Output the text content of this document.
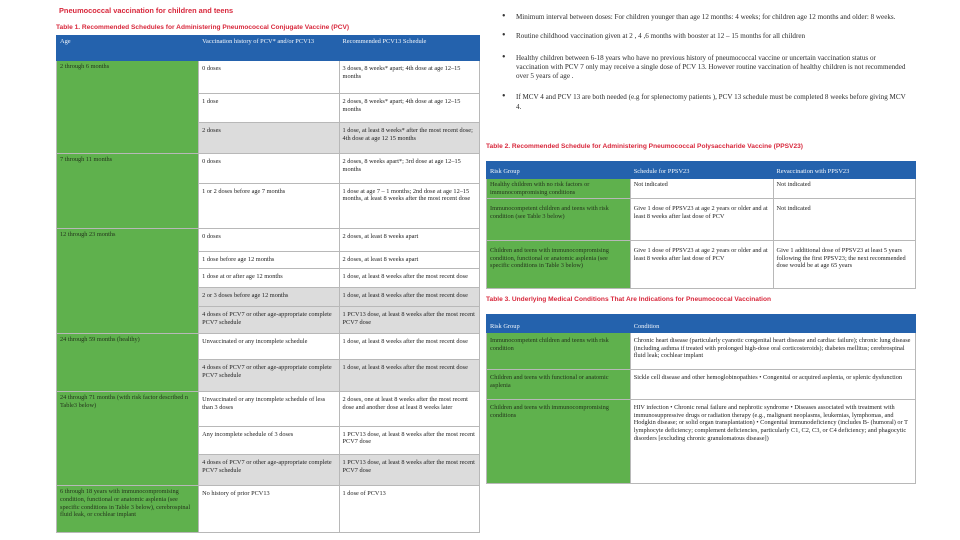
Pneumococcal vaccination for children and teens
Table 1. Recommended Schedules for Administering Pneumococcal Conjugate Vaccine (PCV)
Age	Vaccination history of PCV* and/or PCV13	Recommended PCV13 Schedule
2 through 6 months	0 doses	3 doses, 8 weeks* apart; 4th dose at age 12–15 months
	1 dose	2 doses, 8 weeks* apart; 4th dose at age 12–15 months
	2 doses	1 dose, at least 8 weeks* after the most recent dose; 4th dose at age 12 15 months
7 through 11 months	0 doses	2 doses, 8 weeks apart*; 3rd dose at age 12–15 months
	1 or 2 doses before age 7 months	1 dose at age 7 – 1 months; 2nd dose at age 12–15 months, at least 8 weeks after the most recent dose
12 through 23 months	0 doses	2 doses, at least 8 weeks apart
	1 dose before age 12 months	2 doses, at least 8 weeks apart
	1 dose at or after age 12 months	1 dose, at least 8 weeks after the most recent dose
	2 or 3 doses before age 12 months	1 dose, at least 8 weeks after the most recent dose
	4 doses of PCV7 or other age-appropriate complete PCV7 schedule	1 PCV13 dose, at least 8 weeks after the most recent PCV7 dose
24 through 59 months (healthy)	Unvaccinated or any incomplete schedule	1 dose, at least 8 weeks after the most recent dose
	4 doses of PCV7 or other age-appropriate complete PCV7 schedule	1 dose, at least 8 weeks after the most recent dose
24 through 71 months (with risk factor described n Table3 below)	Unvaccinated or any incomplete schedule of less than 3 doses	2 doses, one at least 8 weeks after the most recent dose and another dose at least 8 weeks later
	Any incomplete schedule of 3 doses	1 PCV13 dose, at least 8 weeks after the most recent PCV7 dose
	4 doses of PCV7 or other age-appropriate complete PCV7 schedule	1 PCV13 dose, at least 8 weeks after the most recent PCV7 dose
6 through 18 years with immunocompromising condition, functional or anatomic asplenia (see specific conditions in Table 3 below), cerebrospinal fluid leak, or cochlear implant	No history of prior PCV13	1 dose of PCV13
• Minimum interval between doses: For children younger than age 12 months: 4 weeks; for children age 12 months and older: 8 weeks.
• Routine childhood vaccination given at 2 , 4 ,6 months with booster at 12 – 15 months for all children
• Healthy children between 6-18 years who have no previous history of pneumococcal vaccine or uncertain vaccination status or vaccination with PCV 7 only may receive a single dose of PCV 13. However routine vaccination of healthy children is not recommended over 5 years of age .
• If MCV 4 and PCV 13 are both needed (e.g for splenectomy patients ), PCV 13 schedule must be completed 8 weeks before giving MCV 4.
Table 2. Recommended Schedule for Administering Pneumococcal Polysaccharide Vaccine (PPSV23)
Risk Group	Schedule for PPSV23	Revaccination with PPSV23
Healthy children with no risk factors or immunocompromising conditions	Not indicated	Not indicated
Immunocompetent children and teens with risk condition (see Table 3 below)	Give 1 dose of PPSV23 at age 2 years or older and at least 8 weeks after last dose of PCV	Not indicated
Children and teens with immunocompromising condition, functional or anatomic asplenia (see specific conditions in Table 3 below)	Give 1 dose of PPSV23 at age 2 years or older and at least 8 weeks after last dose of PCV	Give 1 additional dose of PPSV23 at least 5 years following the first PPSV23; the next recommended dose would be at age 65 years
Table 3. Underlying Medical Conditions That Are Indications for Pneumococcal Vaccination
Risk Group	Condition
Immunocompetent children and teens with risk condition	Chronic heart disease (particularly cyanotic congenital heart disease and cardiac failure); chronic lung disease (including asthma if treated with prolonged high-dose oral corticosteroids); diabetes mellitus; cerebrospinal fluid leak; cochlear implant
Children and teens with functional or anatomic asplenia	Sickle cell disease and other hemoglobinopathies • Congenital or acquired asplenia, or splenic dysfunction
Children and teens with immunocompromising conditions	HIV infection • Chronic renal failure and nephrotic syndrome • Diseases associated with treatment with immunosuppressive drugs or radiation therapy (e.g., malignant neoplasms, leukemias, lymphomas, and Hodgkin disease; or solid organ transplantation) • Congenital immunodeficiency (includes B- (humoral) or T lymphocyte deficiency; complement deficiencies, particularly C1, C2, C3, or C4 deficiency; and phagocytic disorders [excluding chronic granulomatous disease])
